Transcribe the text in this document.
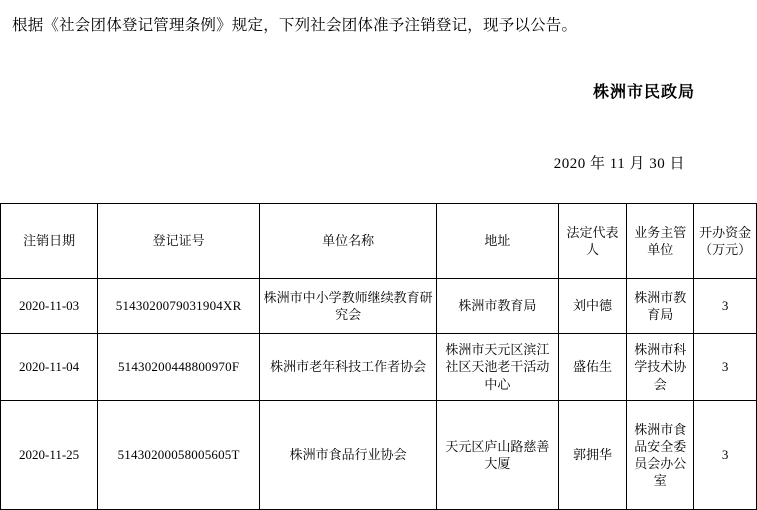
根据《社会团体登记管理条例》规定，下列社会团体准予注销登记，现予以公告。
株洲市民政局
2020 年 11 月 30 日
注销日期	登记证号	单位名称	地址	法定代表人	业务主管单位	开办资金（万元）
2020-11-03	5143020079031904XR	株洲市中小学教师继续教育研究会	株洲市教育局	刘中德	株洲市教育局	3
2020-11-04	51430200448800970F	株洲市老年科技工作者协会	株洲市天元区滨江社区天池老干活动中心	盛佑生	株洲市科学技术协会	3
2020-11-25	51430200058005605T	株洲市食品行业协会	天元区庐山路慈善大厦	郭拥华	株洲市食品安全委员会办公室	3
